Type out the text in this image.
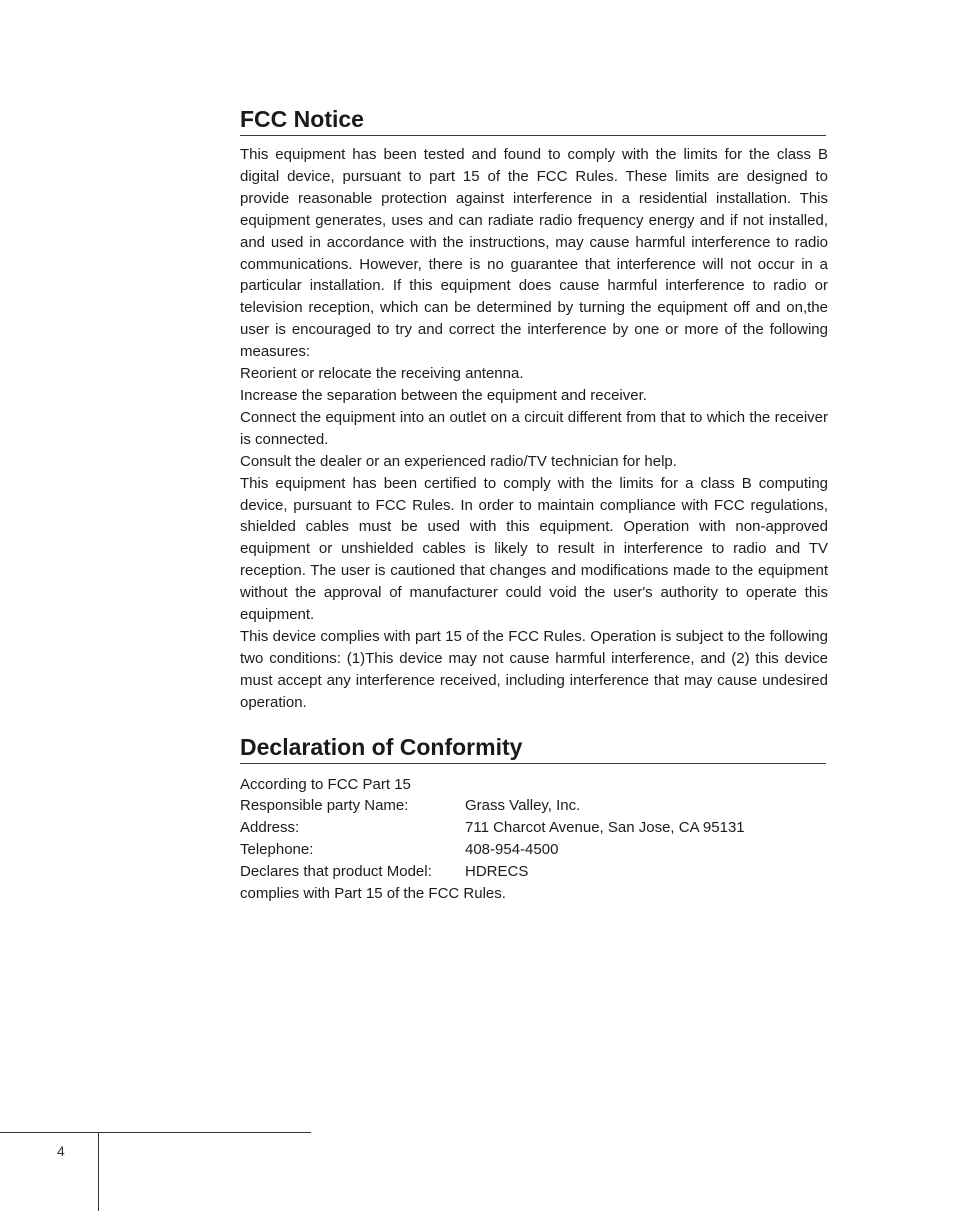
FCC Notice

This equipment has been tested and found to comply with the limits for the class B digital device, pursuant to part 15 of the FCC Rules. These limits are designed to provide reasonable protection against interference in a residential installation. This equipment generates, uses and can radiate radio frequency energy and if not installed, and used in accordance with the instructions, may cause harmful interference to radio communications. However, there is no guarantee that interference will not occur in a particular installation. If this equipment does cause harmful interference to radio or television reception, which can be determined by turning the equipment off and on,the user is encouraged to try and correct the interference by one or more of the following measures:

Reorient or relocate the receiving antenna.

Increase the separation between the equipment and receiver.

Connect the equipment into an outlet on a circuit different from that to which the receiver is connected.

Consult the dealer or an experienced radio/TV technician for help.

This equipment has been certified to comply with the limits for a class B computing device, pursuant to FCC Rules. In order to maintain compliance with FCC regulations, shielded cables must be used with this equipment. Operation with non-approved equipment or unshielded cables is likely to result in interference to radio and TV reception. The user is cautioned that changes and modifications made to the equipment without the approval of manufacturer could void the user's authority to operate this equipment.

This device complies with part 15 of the FCC Rules. Operation is subject to the following two conditions: (1)This device may not cause harmful interference, and (2) this device must accept any interference received, including interference that may cause undesired operation.

Declaration of Conformity
According to FCC Part 15
Responsible party Name:	Grass Valley, Inc.
Address:	711 Charcot Avenue, San Jose, CA 95131
Telephone:	408-954-4500
Declares that product Model:	HDRECS
complies with Part 15 of the FCC Rules.
4
